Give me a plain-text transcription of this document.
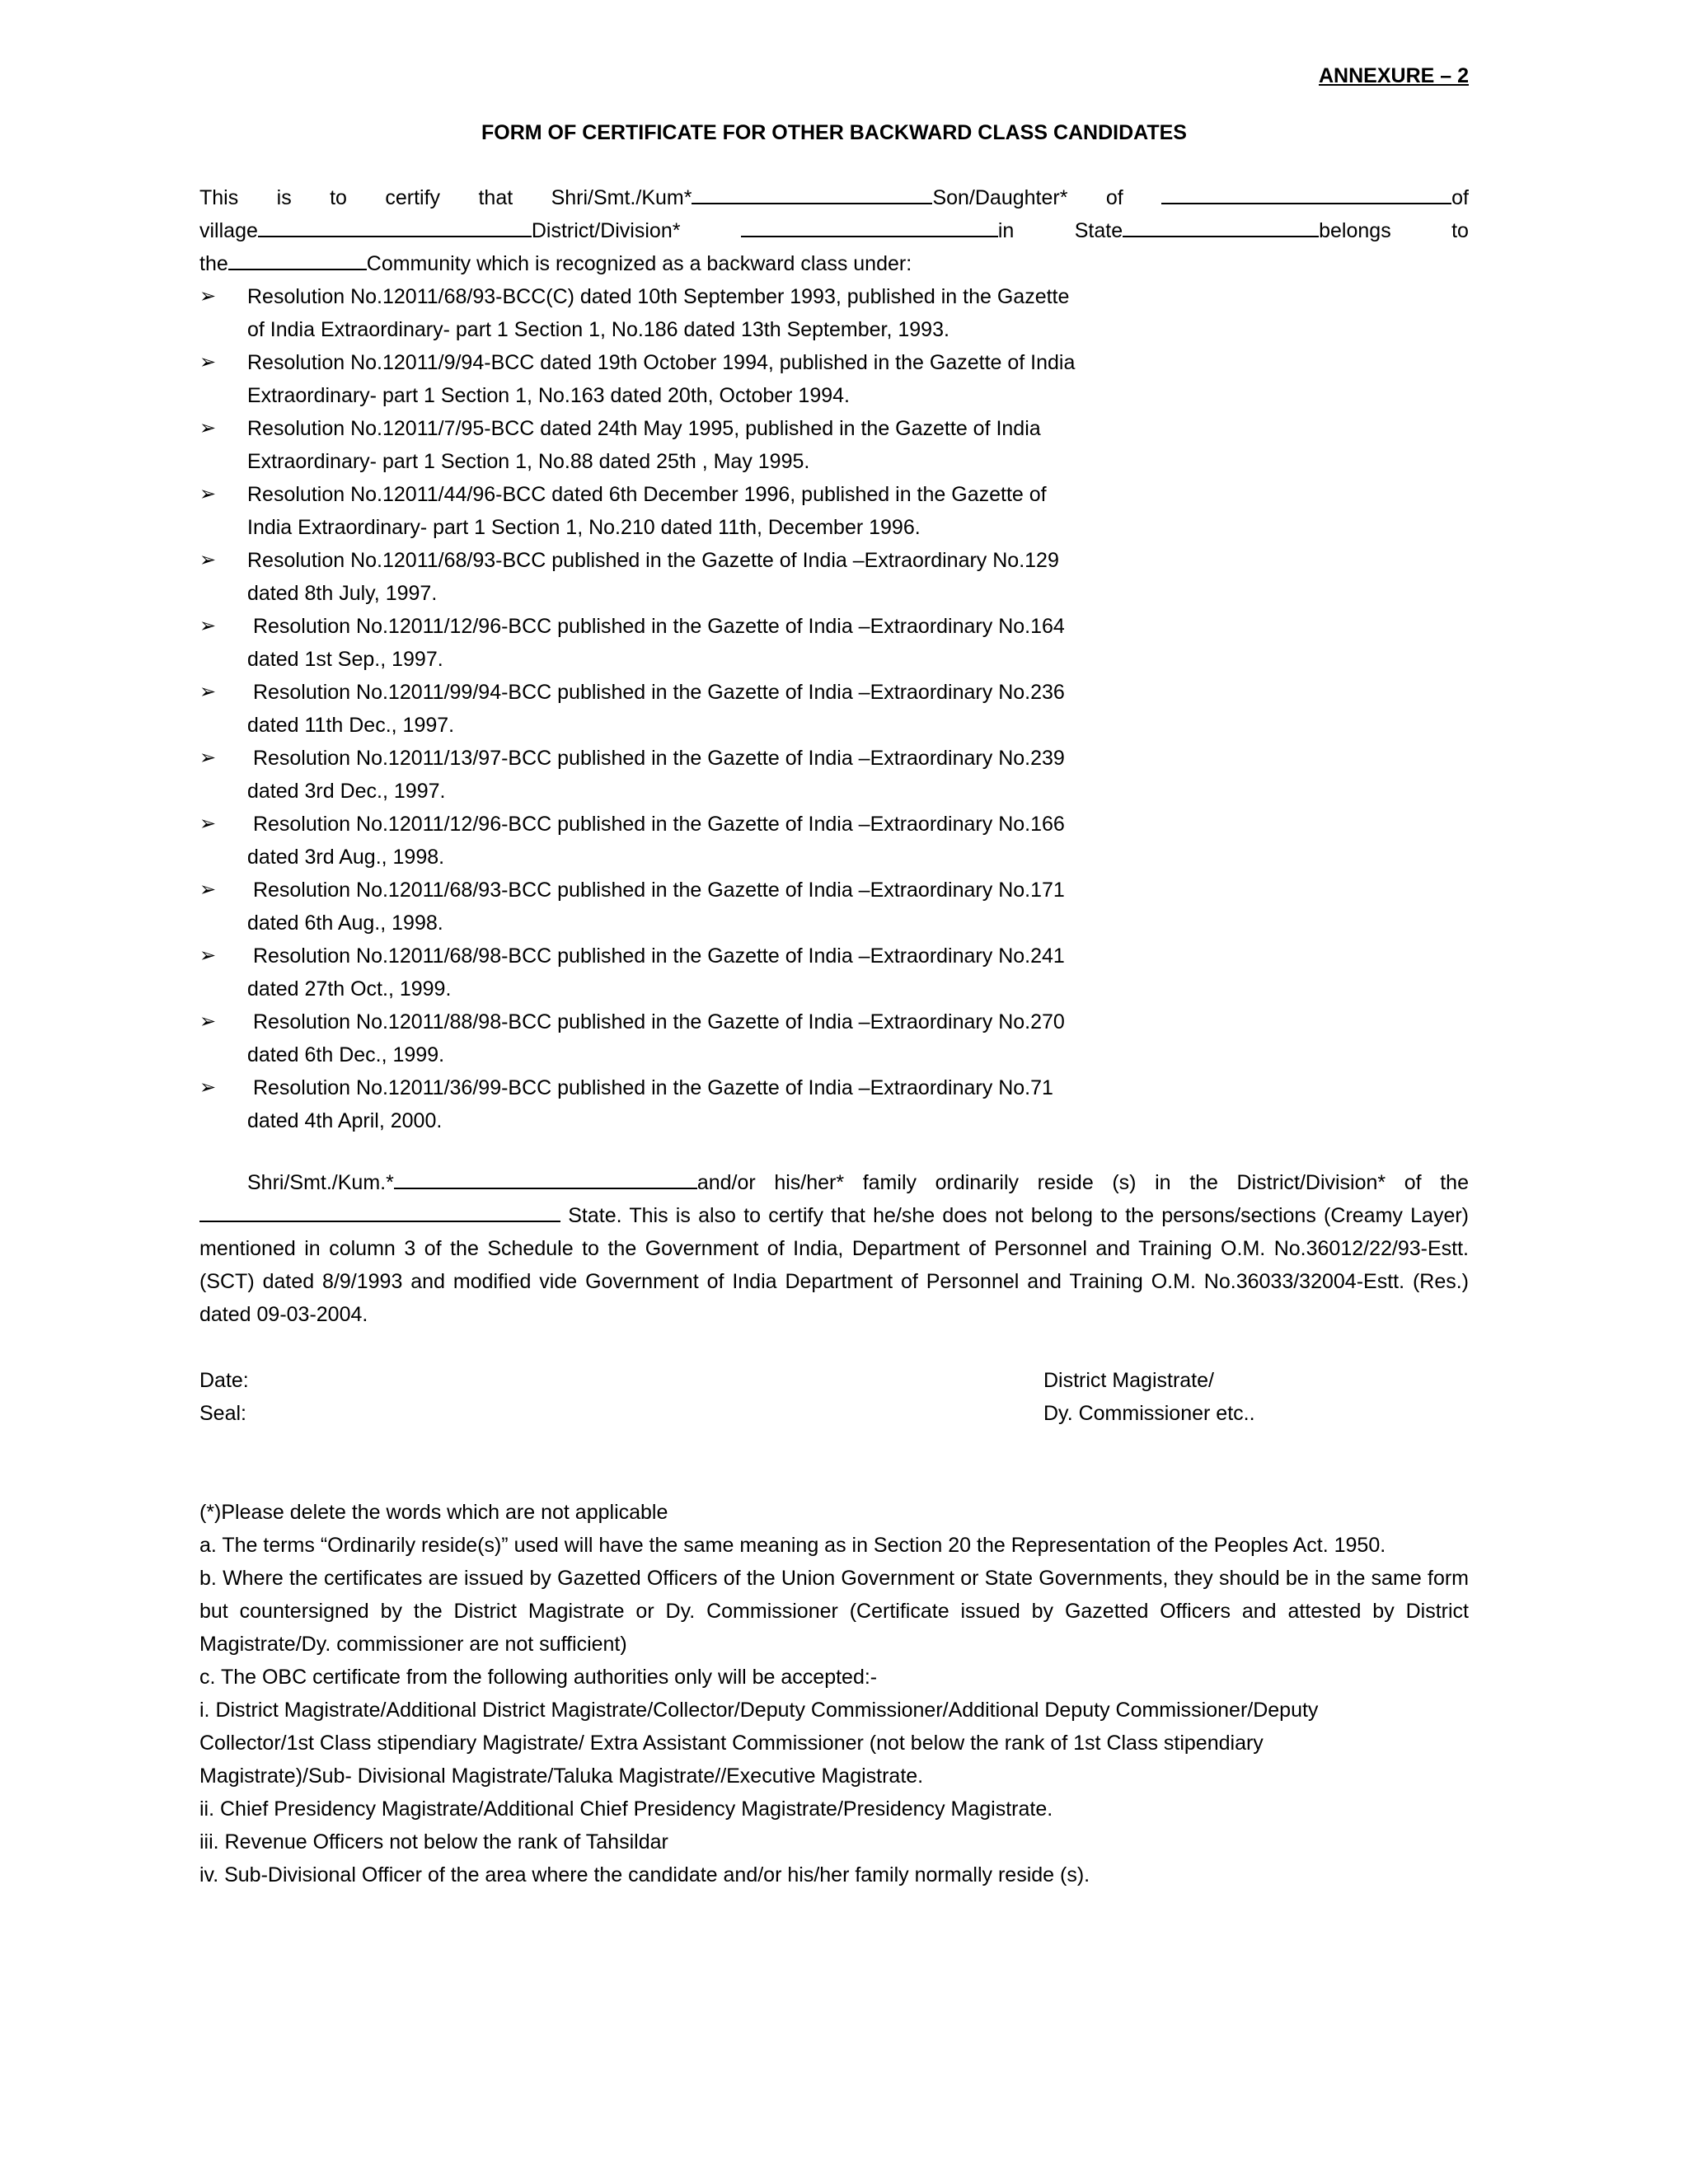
ANNEXURE – 2
FORM OF CERTIFICATE FOR OTHER BACKWARD CLASS CANDIDATES
This is to certify that Shri/Smt./Kum*	Son/Daughter* of	of
village	District/Division*	in	State	belongs	to
the	Community which is recognized as a backward class under:
➢	Resolution No.12011/68/93-BCC(C) dated 10th September 1993, published in the Gazette
of India Extraordinary- part 1 Section 1, No.186 dated 13th September, 1993.
➢	Resolution No.12011/9/94-BCC dated 19th October 1994, published in the Gazette of India
Extraordinary- part 1 Section 1, No.163 dated 20th, October 1994.
➢	Resolution No.12011/7/95-BCC dated 24th May 1995, published in the Gazette of India
Extraordinary- part 1 Section 1, No.88 dated 25th , May 1995.
➢	Resolution No.12011/44/96-BCC dated 6th December 1996, published in the Gazette of
India Extraordinary- part 1 Section 1, No.210 dated 11th, December 1996.
➢	Resolution No.12011/68/93-BCC published in the Gazette of India –Extraordinary No.129
dated 8th July, 1997.
➢	Resolution No.12011/12/96-BCC published in the Gazette of India –Extraordinary No.164
dated 1st Sep., 1997.
➢	Resolution No.12011/99/94-BCC published in the Gazette of India –Extraordinary No.236
dated 11th Dec., 1997.
➢	Resolution No.12011/13/97-BCC published in the Gazette of India –Extraordinary No.239
dated 3rd Dec., 1997.
➢	Resolution No.12011/12/96-BCC published in the Gazette of India –Extraordinary No.166
dated 3rd Aug., 1998.
➢	Resolution No.12011/68/93-BCC published in the Gazette of India –Extraordinary No.171
dated 6th Aug., 1998.
➢	Resolution No.12011/68/98-BCC published in the Gazette of India –Extraordinary No.241
dated 27th Oct., 1999.
➢	Resolution No.12011/88/98-BCC published in the Gazette of India –Extraordinary No.270
dated 6th Dec., 1999.
➢	Resolution No.12011/36/99-BCC published in the Gazette of India –Extraordinary No.71
dated 4th April, 2000.
Shri/Smt./Kum.*	and/or his/her* family ordinarily reside (s) in the District/Division* of the State. This is also to certify that he/she does not belong to the persons/sections (Creamy Layer) mentioned in column 3 of the Schedule to the Government of India, Department of Personnel and Training O.M. No.36012/22/93-Estt. (SCT) dated 8/9/1993 and modified vide Government of India Department of Personnel and Training O.M. No.36033/32004-Estt. (Res.) dated 09-03-2004.
Date:
Seal:
District Magistrate/
Dy. Commissioner etc..
(*)Please delete the words which are not applicable
a. The terms “Ordinarily reside(s)” used will have the same meaning as in Section 20 the Representation of the Peoples Act. 1950.
b. Where the certificates are issued by Gazetted Officers of the Union Government or State Governments, they should be in the same form but countersigned by the District Magistrate or Dy. Commissioner (Certificate issued by Gazetted Officers and attested by District Magistrate/Dy. commissioner are not sufficient)
c. The OBC certificate from the following authorities only will be accepted:-
i. District Magistrate/Additional District Magistrate/Collector/Deputy Commissioner/Additional Deputy Commissioner/Deputy
Collector/1st Class stipendiary Magistrate/ Extra Assistant Commissioner (not below the rank of 1st Class stipendiary
Magistrate)/Sub- Divisional Magistrate/Taluka Magistrate//Executive Magistrate.
ii. Chief Presidency Magistrate/Additional Chief Presidency Magistrate/Presidency Magistrate.
iii. Revenue Officers not below the rank of Tahsildar
iv. Sub-Divisional Officer of the area where the candidate and/or his/her family normally reside (s).
